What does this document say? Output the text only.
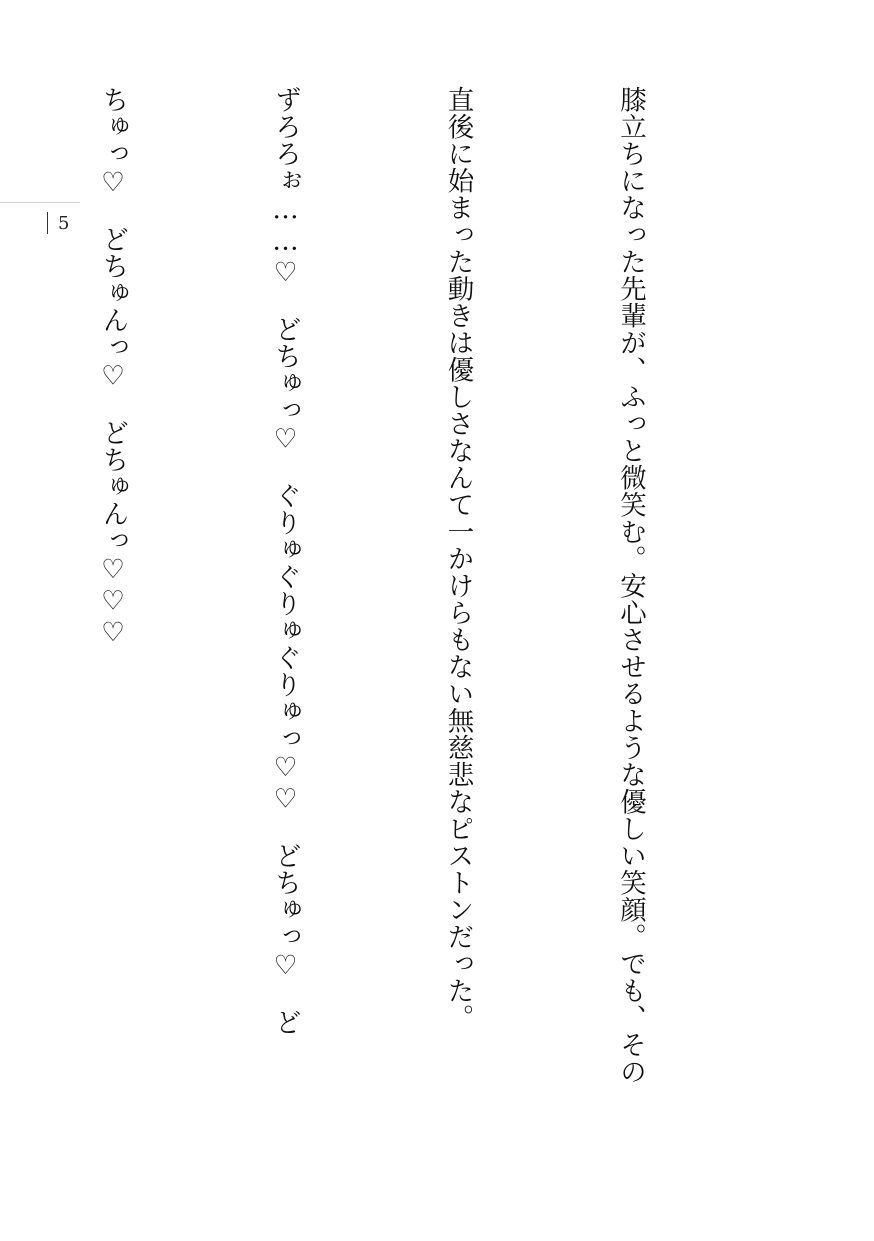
膝立ちになった先輩が、ふっと微笑む。安心させるような優しい笑顔。でも、その

直後に始まった動きは優しさなんて一かけらもない無慈悲なピストンだった。

ずろろぉ……♡　どちゅっ♡　ぐりゅぐりゅぐりゅっ♡♡　どちゅっ♡　ど

ちゅっ♡　どちゅんっ♡　どちゅんっ♡♡♡

5
